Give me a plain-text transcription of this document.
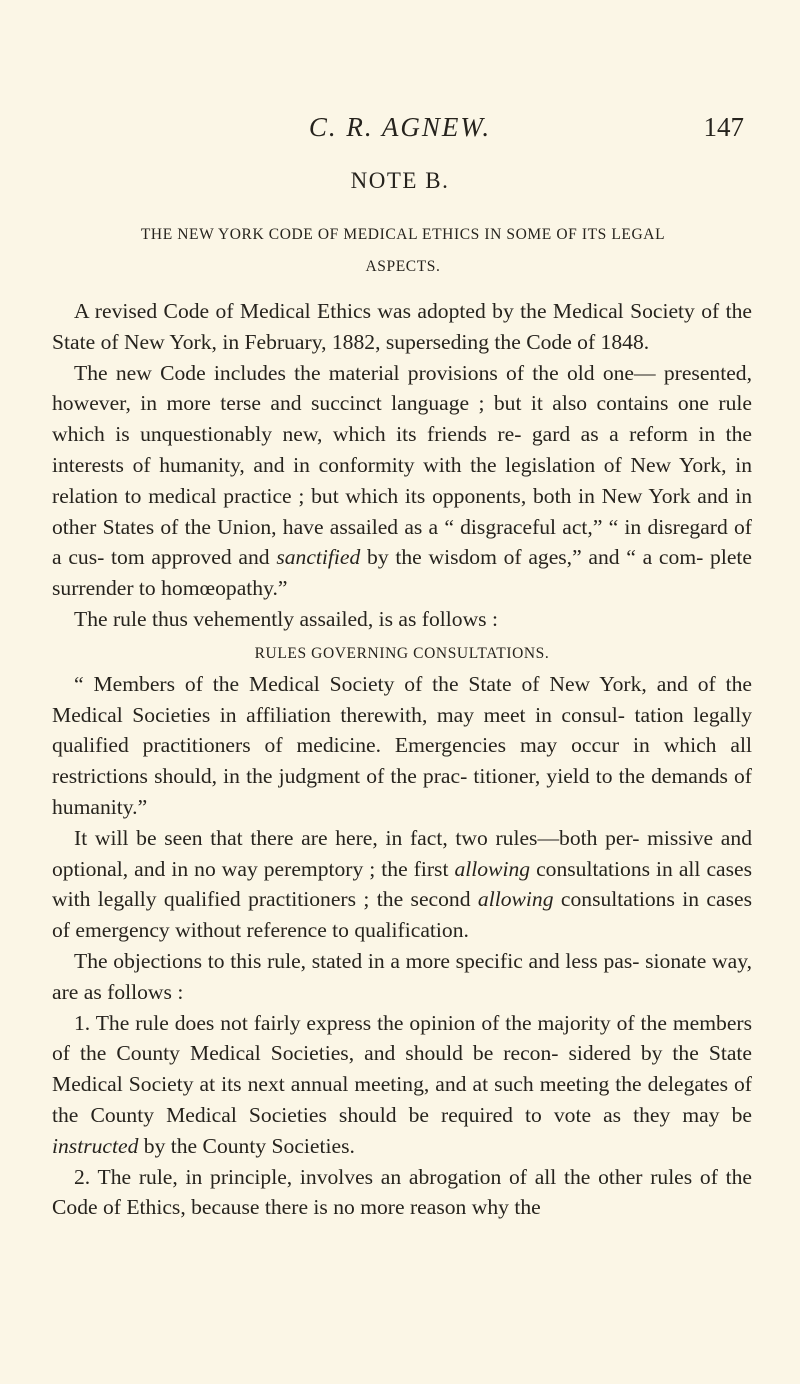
C. R. AGNEW.	147
NOTE B.
THE NEW YORK CODE OF MEDICAL ETHICS IN SOME OF ITS LEGAL
ASPECTS.

A revised Code of Medical Ethics was adopted by the Medical Society of the State of New York, in February, 1882, superseding the Code of 1848.

The new Code includes the material provisions of the old one— presented, however, in more terse and succinct language ; but it also contains one rule which is unquestionably new, which its friends re- gard as a reform in the interests of humanity, and in conformity with the legislation of New York, in relation to medical practice ; but which its opponents, both in New York and in other States of the Union, have assailed as a “ disgraceful act,” “ in disregard of a cus- tom approved and sanctified by the wisdom of ages,” and “ a com- plete surrender to homœopathy.”

The rule thus vehemently assailed, is as follows :

RULES GOVERNING CONSULTATIONS.

“ Members of the Medical Society of the State of New York, and of the Medical Societies in affiliation therewith, may meet in consul- tation legally qualified practitioners of medicine. Emergencies may occur in which all restrictions should, in the judgment of the prac- titioner, yield to the demands of humanity.”

It will be seen that there are here, in fact, two rules—both per- missive and optional, and in no way peremptory ; the first allowing consultations in all cases with legally qualified practitioners ; the second allowing consultations in cases of emergency without reference to qualification.

The objections to this rule, stated in a more specific and less pas- sionate way, are as follows :

1. The rule does not fairly express the opinion of the majority of the members of the County Medical Societies, and should be recon- sidered by the State Medical Society at its next annual meeting, and at such meeting the delegates of the County Medical Societies should be required to vote as they may be instructed by the County Societies.

2. The rule, in principle, involves an abrogation of all the other rules of the Code of Ethics, because there is no more reason why the
